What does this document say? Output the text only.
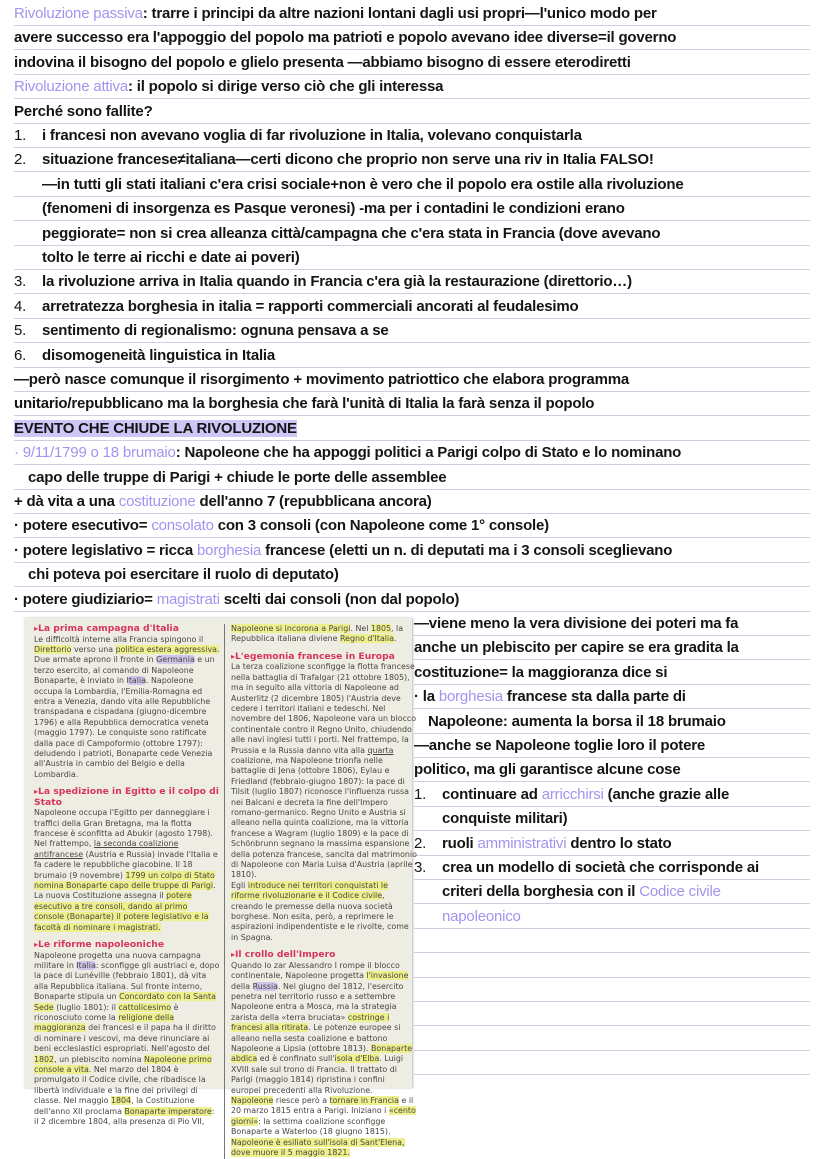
Rivoluzione passiva: trarre i principi da altre nazioni lontani dagli usi propri—l'unico modo per
avere successo era l'appoggio del popolo ma patrioti e popolo avevano idee diverse=il governo
indovina il bisogno del popolo e glielo presenta —abbiamo bisogno di essere eterodiretti
Rivoluzione attiva: il popolo si dirige verso ciò che gli interessa
Perché sono fallite?
1. i francesi non avevano voglia di far rivoluzione in Italia, volevano conquistarla
2. situazione francese≠italiana—certi dicono che proprio non serve una riv in Italia FALSO!
—in tutti gli stati italiani c'era crisi sociale+non è vero che il popolo era ostile alla rivoluzione
(fenomeni di insorgenza es Pasque veronesi) -ma per i contadini le condizioni erano
peggiorate= non si crea alleanza città/campagna che c'era stata in Francia (dove avevano
tolto le terre ai ricchi e date ai poveri)
3. la rivoluzione arriva in Italia quando in Francia c'era già la restaurazione (direttorio…)
4. arretratezza borghesia in italia = rapporti commerciali ancorati al feudalesimo
5. sentimento di regionalismo: ognuna pensava a se
6. disomogeneità linguistica in Italia
—però nasce comunque il risorgimento + movimento patriottico che elabora programma
unitario/repubblicano ma la borghesia che farà l'unità di Italia la farà senza il popolo
EVENTO CHE CHIUDE LA RIVOLUZIONE
· 9/11/1799 o 18 brumaio: Napoleone che ha appoggi politici a Parigi colpo di Stato e lo nominano
capo delle truppe di Parigi + chiude le porte delle assemblee
+ dà vita a una costituzione dell'anno 7 (repubblicana ancora)
· potere esecutivo= consolato con 3 consoli (con Napoleone come 1° console)
· potere legislativo = ricca borghesia francese (eletti un n. di deputati ma i 3 consoli sceglievano
chi poteva poi esercitare il ruolo di deputato)
· potere giudiziario= magistrati scelti dai consoli (non dal popolo)
—viene meno la vera divisione dei poteri ma fa
anche un plebiscito per capire se era gradita la
costituzione= la maggioranza dice si
· la borghesia francese sta dalla parte di
Napoleone: aumenta la borsa il 18 brumaio
—anche se Napoleone toglie loro il potere
politico, ma gli garantisce alcune cose
1. continuare ad arricchirsi (anche grazie alle
conquiste militari)
2. ruoli amministrativi dentro lo stato
3. crea un modello di società che corrisponde ai
criteri della borghesia con il Codice civile
napoleonico
▸ La prima campagna d'Italia
Le difficoltà interne alla Francia spingono il Direttorio verso una politica estera aggressiva. Due armate aprono il fronte in Germania e un terzo esercito, al comando di Napoleone Bonaparte, è inviato in Italia. Napoleone occupa la Lombardia, l'Emilia-Romagna ed entra a Venezia, dando vita alle Repubbliche transpadana e cispadana (giugno-dicembre 1796) e alla Repubblica democratica veneta (maggio 1797). Le conquiste sono ratificate dalla pace di Campoformio (ottobre 1797): deludendo i patrioti, Bonaparte cede Venezia all'Austria in cambio del Belgio e della Lombardia.
▸ La spedizione in Egitto e il colpo di Stato
Napoleone occupa l'Egitto per danneggiare i traffici della Gran Bretagna, ma la flotta francese è sconfitta ad Abukir (agosto 1798). Nel frattempo, la seconda coalizione antifrancese (Austria e Russia) invade l'Italia e fa cadere le repubbliche giacobine. Il 18 brumaio (9 novembre) 1799 un colpo di Stato nomina Bonaparte capo delle truppe di Parigi. La nuova Costituzione assegna il potere esecutivo a tre consoli, dando al primo console (Bonaparte) il potere legislativo e la facoltà di nominare i magistrati.
▸ Le riforme napoleoniche
Napoleone progetta una nuova campagna militare in Italia: sconfigge gli austriaci e, dopo la pace di Lunéville (febbraio 1801), dà vita alla Repubblica italiana. Sul fronte interno, Bonaparte stipula un Concordato con la Santa Sede (luglio 1801): il cattolicesimo è riconosciuto come la religione della maggioranza dei francesi e il papa ha il diritto di nominare i vescovi, ma deve rinunciare ai beni ecclesiastici espropriati. Nell'agosto del 1802, un plebiscito nomina Napoleone primo console a vita. Nel marzo del 1804 è promulgato il Codice civile, che ribadisce la libertà individuale e la fine dei privilegi di classe. Nel maggio 1804, la Costituzione dell'anno XII proclama Bonaparte imperatore: il 2 dicembre 1804, alla presenza di Pio VII,
Napoleone si incorona a Parigi. Nel 1805, la Repubblica italiana diviene Regno d'Italia.
▸ L'egemonia francese in Europa
La terza coalizione sconfigge la flotta francese nella battaglia di Trafalgar (21 ottobre 1805), ma in seguito alla vittoria di Napoleone ad Austerlitz (2 dicembre 1805) l'Austria deve cedere i territori italiani e tedeschi. Nel novembre del 1806, Napoleone vara un blocco continentale contro il Regno Unito, chiudendo alle navi inglesi tutti i porti. Nel frattempo, la Prussia e la Russia danno vita alla quarta coalizione, ma Napoleone trionfa nelle battaglie di Jena (ottobre 1806), Eylau e Friedland (febbraio-giugno 1807): la pace di Tilsit (luglio 1807) riconosce l'influenza russa nei Balcani e decreta la fine dell'Impero romano-germanico. Regno Unito e Austria si alleano nella quinta coalizione, ma la vittoria francese a Wagram (luglio 1809) e la pace di Schönbrunn segnano la massima espansione della potenza francese, sancita dal matrimonio di Napoleone con Maria Luisa d'Austria (aprile 1810).
Egli introduce nei territori conquistati le riforme rivoluzionarie e il Codice civile, creando le premesse della nuova società borghese. Non esita, però, a reprimere le aspirazioni indipendentiste e le rivolte, come in Spagna.
▸ Il crollo dell'Impero
Quando lo zar Alessandro I rompe il blocco continentale, Napoleone progetta l'invasione della Russia. Nel giugno del 1812, l'esercito penetra nel territorio russo e a settembre Napoleone entra a Mosca, ma la strategia zarista della «terra bruciata» costringe i francesi alla ritirata. Le potenze europee si alleano nella sesta coalizione e battono Napoleone a Lipsia (ottobre 1813). Bonaparte abdica ed è confinato sull'isola d'Elba. Luigi XVIII sale sul trono di Francia. Il trattato di Parigi (maggio 1814) ripristina i confini europei precedenti alla Rivoluzione. Napoleone riesce però a tornare in Francia e il 20 marzo 1815 entra a Parigi. Iniziano i «cento giorni»: la settima coalizione sconfigge Bonaparte a Waterloo (18 giugno 1815). Napoleone è esiliato sull'isola di Sant'Elena, dove muore il 5 maggio 1821.
